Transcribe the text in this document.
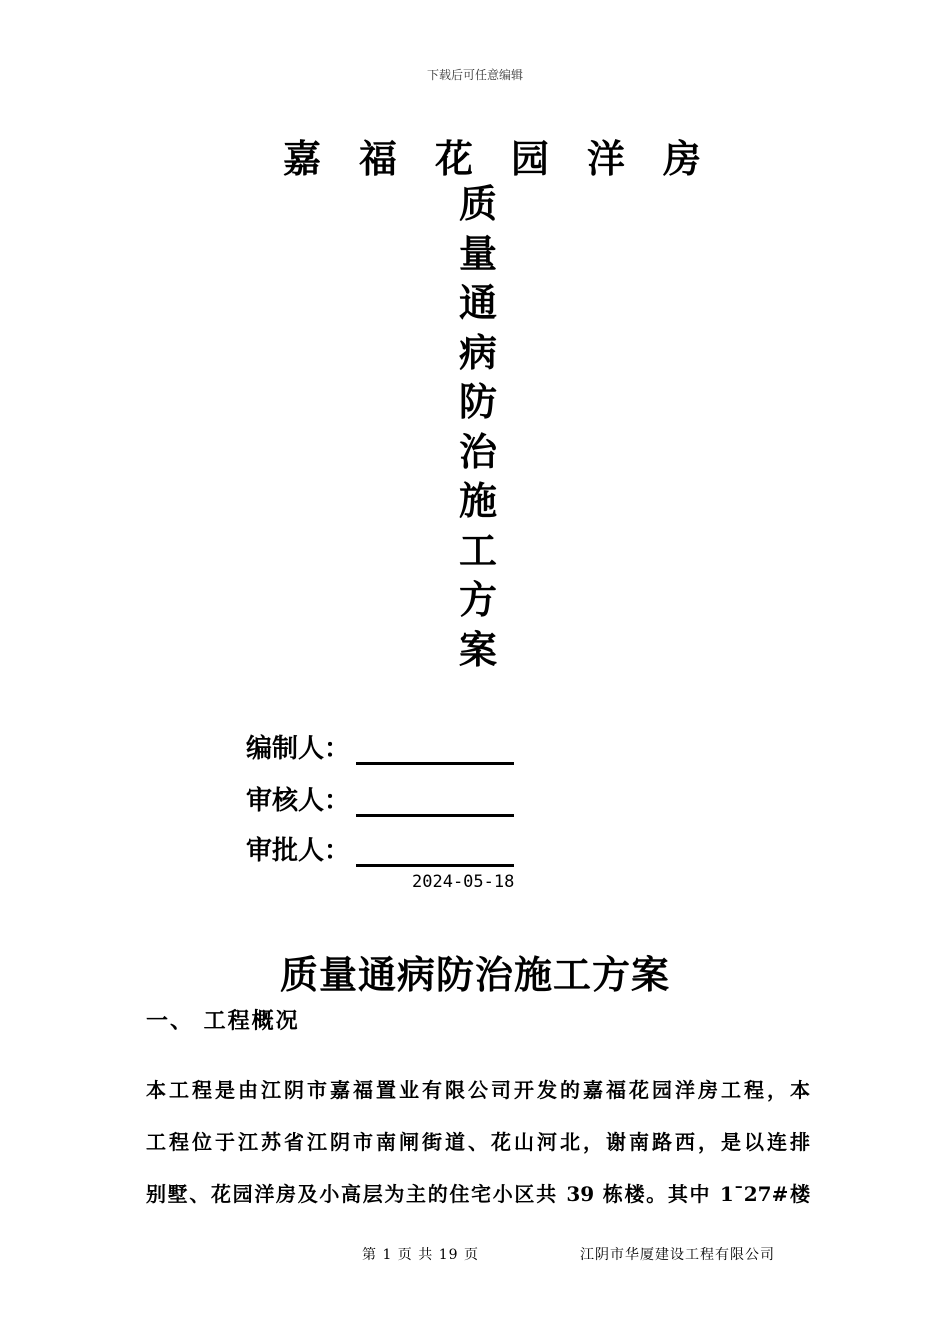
下载后可任意编辑
嘉 福 花 园 洋 房
质
量
通
病
防
治
施
工
方
案
编制人：
审核人：
审批人：
2024-05-18
质量通病防治施工方案
一、 工程概况
本工程是由江阴市嘉福置业有限公司开发的嘉福花园洋房工程，本
工程位于江苏省江阴市南闸街道、花山河北，谢南路西，是以连排
别墅、花园洋房及小高层为主的住宅小区共 39 栋楼。其中 1¯27#楼
第 1 页 共 19 页	江阴市华厦建设工程有限公司
